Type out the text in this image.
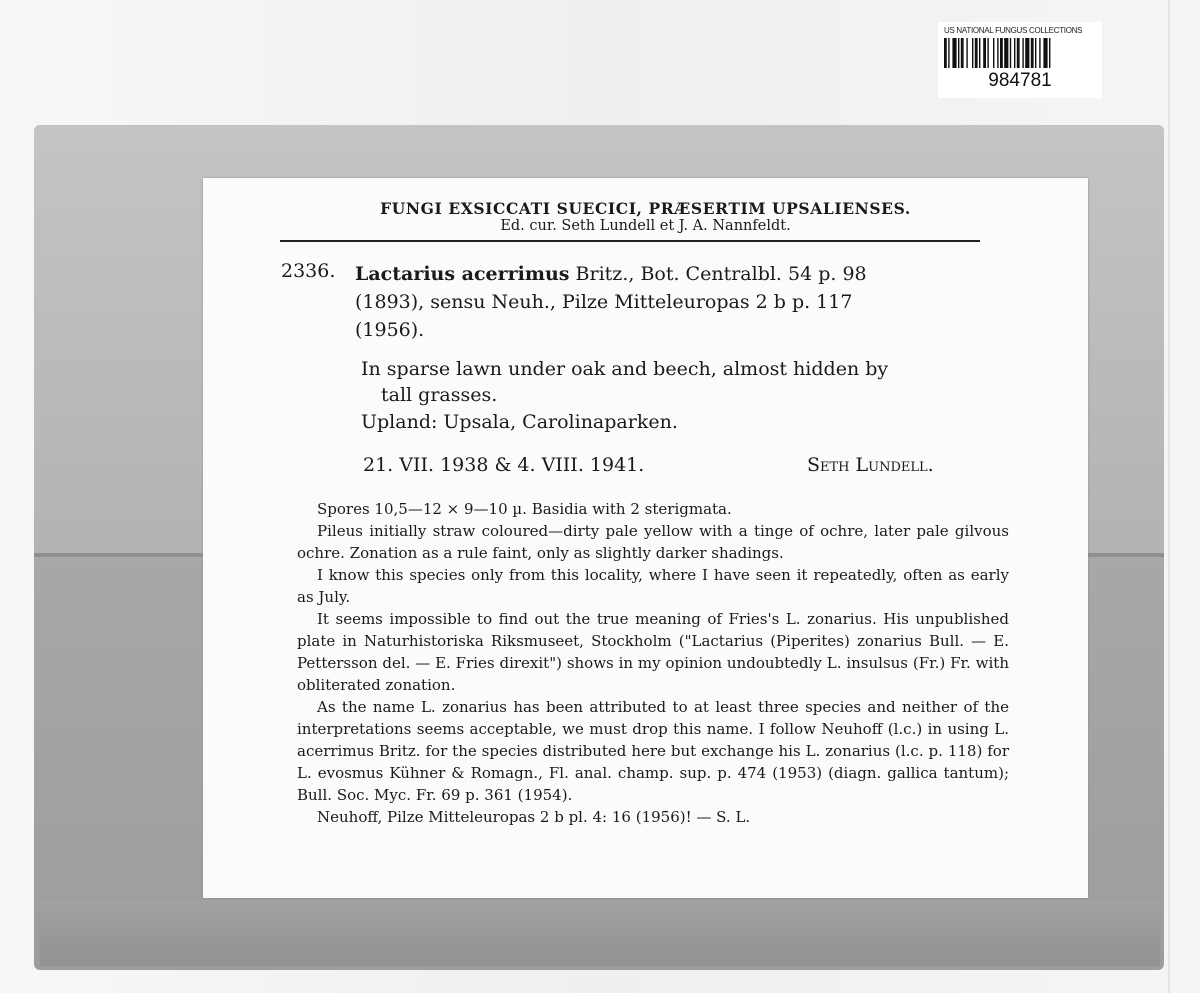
US NATIONAL FUNGUS COLLECTIONS
984781
FUNGI EXSICCATI SUECICI, PRÆSERTIM UPSALIENSES.
Ed. cur. Seth Lundell et J. A. Nannfeldt.
2336. Lactarius acerrimus Britz., Bot. Centralbl. 54 p. 98
(1893), sensu Neuh., Pilze Mitteleuropas 2 b p. 117
(1956).
In sparse lawn under oak and beech, almost hidden by
tall grasses.
Upland: Upsala, Carolinaparken.
21. VII. 1938 & 4. VIII. 1941.	Seth Lundell.

Spores 10,5—12 × 9—10 µ. Basidia with 2 sterigmata.

Pileus initially straw coloured—dirty pale yellow with a tinge of ochre, later pale gilvous ochre. Zonation as a rule faint, only as slightly darker shadings.

I know this species only from this locality, where I have seen it repeatedly, often as early as July.

It seems impossible to find out the true meaning of Fries's L. zonarius. His unpublished plate in Naturhistoriska Riksmuseet, Stockholm ("Lactarius (Piperites) zonarius Bull. — E. Pettersson del. — E. Fries direxit") shows in my opinion undoubtedly L. insulsus (Fr.) Fr. with obliterated zonation.

As the name L. zonarius has been attributed to at least three species and neither of the interpretations seems acceptable, we must drop this name. I follow Neuhoff (l.c.) in using L. acerrimus Britz. for the species distributed here but exchange his L. zonarius (l.c. p. 118) for L. evosmus Kühner & Romagn., Fl. anal. champ. sup. p. 474 (1953) (diagn. gallica tantum); Bull. Soc. Myc. Fr. 69 p. 361 (1954).

Neuhoff, Pilze Mitteleuropas 2 b pl. 4: 16 (1956)! — S. L.
